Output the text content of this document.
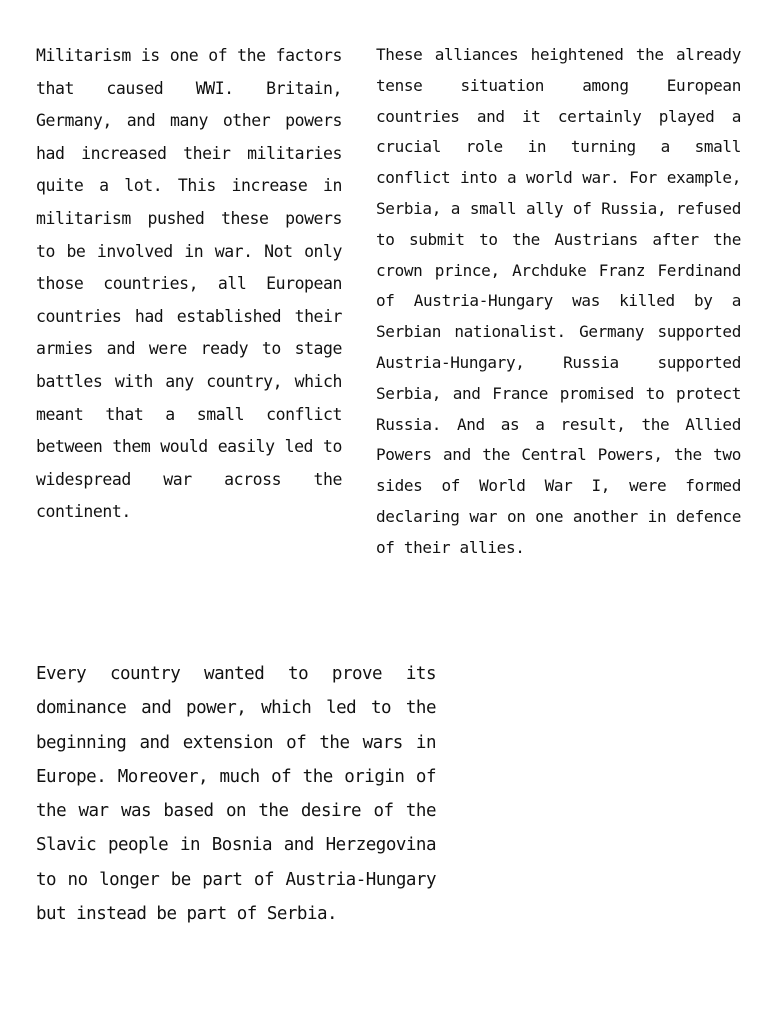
Militarism is one of the factors that caused WWI. Britain, Germany, and many other powers had increased their militaries quite a lot. This increase in militarism pushed these powers to be involved in war. Not only those countries, all European countries had established their armies and were ready to stage battles with any country, which meant that a small conflict between them would easily led to widespread war across the continent.

These alliances heightened the already tense situation among European countries and it certainly played a crucial role in turning a small conflict into a world war. For example, Serbia, a small ally of Russia, refused to submit to the Austrians after the crown prince, Archduke Franz Ferdinand of Austria-Hungary was killed by a Serbian nationalist. Germany supported Austria-Hungary, Russia supported Serbia, and France promised to protect Russia. And as a result, the Allied Powers and the Central Powers, the two sides of World War I, were formed declaring war on one another in defence of their allies.

Every country wanted to prove its dominance and power, which led to the beginning and extension of the wars in Europe. Moreover, much of the origin of the war was based on the desire of the Slavic people in Bosnia and Herzegovina to no longer be part of Austria-Hungary but instead be part of Serbia.
